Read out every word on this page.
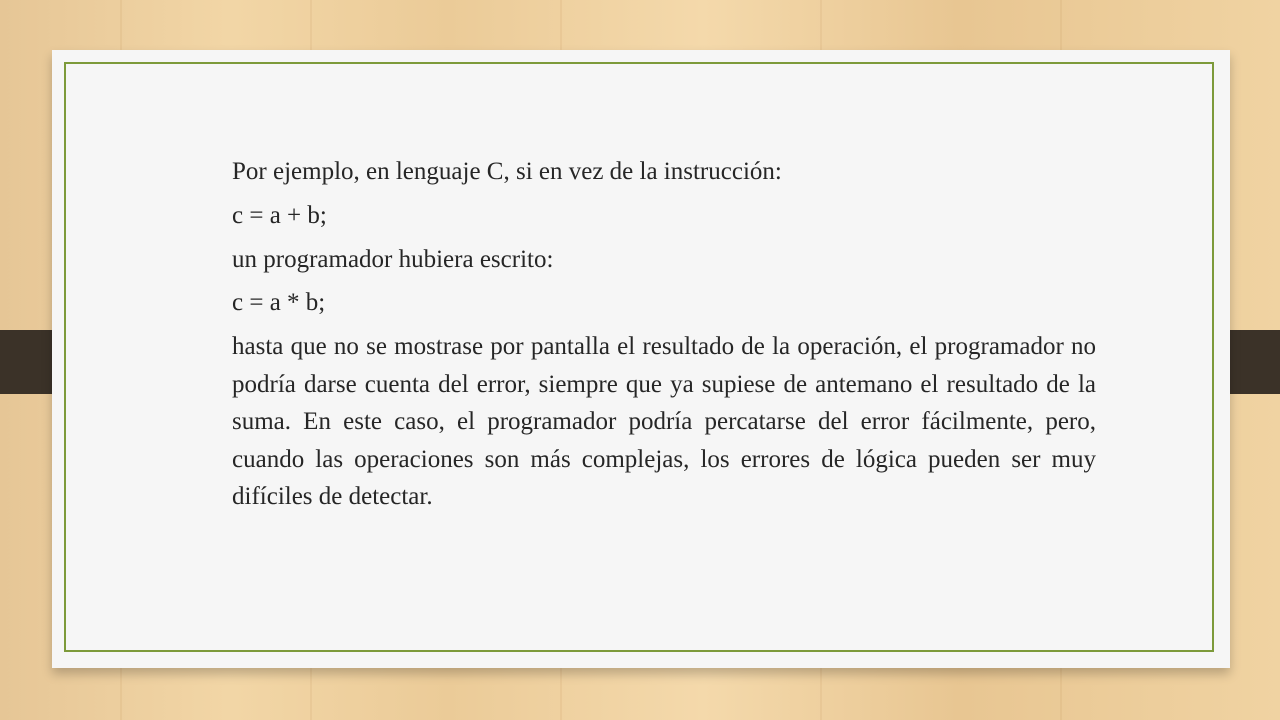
Por ejemplo, en lenguaje C, si en vez de la instrucción:

c = a + b;

un programador hubiera escrito:

c = a * b;

hasta que no se mostrase por pantalla el resultado de la operación, el programador no podría darse cuenta del error, siempre que ya supiese de antemano el resultado de la suma. En este caso, el programador podría percatarse del error fácilmente, pero, cuando las operaciones son más complejas, los errores de lógica pueden ser muy difíciles de detectar.
